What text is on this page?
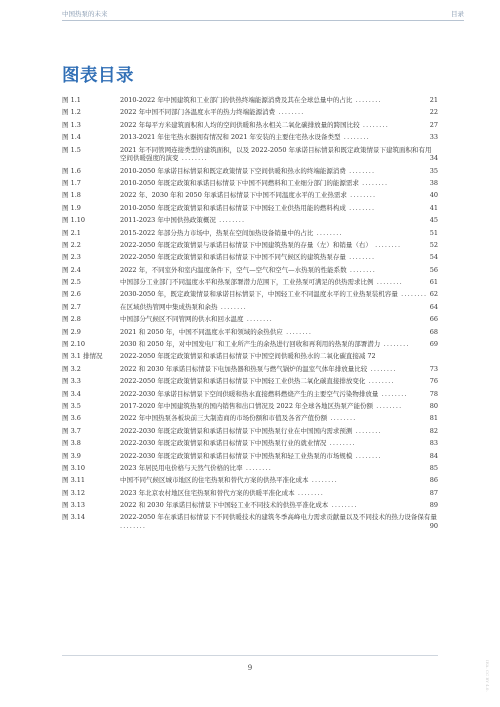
中国热泵的未来	目录
图表目录
图 1.1	2010-2022 年中国建筑和工业部门的供热终端能源消费及其在全球总量中的占比 ........	21
图 1.2	2022 年中国不同部门各温度水平的热力终端能源消费 ........	22
图 1.3	2022 年每平方米建筑面积和人均的空间供暖和热水相关二氧化碳排放量的跨国比较 ........	27
图 1.4	2013-2021 年住宅热水器拥有情况和 2021 年安装的主要住宅热水设备类型 ........	33
图 1.5	2021 年不同管网连接类型的建筑面积，以及 2022-2050 年承诺目标情景和既定政策情景下建筑面积和有用空间供暖强度的演变 ........	34
图 1.6	2010-2050 年承诺目标情景和既定政策情景下空间供暖和热水的终端能源消费 ........	35
图 1.7	2010-2050 年既定政策和承诺目标情景下中国不同燃料和工业细分部门的能源需求 ........	38
图 1.8	2022 年、2030 年和 2050 年承诺目标情景下中国不同温度水平的工业热需求 ........	40
图 1.9	2010-2050 年既定政策情景和承诺目标情景下中国轻工业供热用能的燃料构成 ........	41
图 1.10	2011-2023 年中国供热政策概况 ........	45
图 2.1	2015-2022 年部分热力市场中，热泵在空间加热设备销量中的占比 ........	51
图 2.2	2022-2050 年既定政策情景与承诺目标情景下中国建筑热泵的存量（左）和销量（右） ........	52
图 2.3	2022-2050 年既定政策情景和承诺目标情景下中国不同气候区的建筑热泵存量 ........	54
图 2.4	2022 年，不同室外和室内温度条件下，空气—空气和空气—水热泵的性能系数 ........	56
图 2.5	中国部分工业部门不同温度水平和热泵部署潜力范围下，工业热泵可满足的供热需求比例 ........	61
图 2.6	2030-2050 年，既定政策情景和承诺目标情景下，中国轻工业不同温度水平的工业热泵装机容量 ........ 62
图 2.7	在区域供热管网中集成热泵和余热 ........	64
图 2.8	中国部分气候区不同管网的供水和回水温度 ........	66
图 2.9	2021 和 2050 年，中国不同温度水平和领域的余热供应 ........	68
图 2.10	2030 和 2050 年，对中国发电厂和工业所产生的余热进行回收和再利用的热泵的部署潜力 ........	69
图 3.1 排情况	2022-2050 年既定政策情景和承诺目标情景下中国空间供暖和热水的二氧化碳直接减 72
图 3.2	2022 和 2030 年承诺目标情景下电加热器和热泵与燃气锅炉的温室气体年排放量比较 ........	73
图 3.3	2022-2050 年既定政策情景和承诺目标情景下中国轻工业供热二氧化碳直接排放变化 ........	76
图 3.4	2022-2030 年承诺目标情景下空间供暖和热水直接燃料燃烧产生的主要空气污染物排放量 ........	78
图 3.5	2017-2020 年中国建筑热泵的国内销售和出口情况及 2022 年全球各地区热泵产能份额 ........	80
图 3.6	2022 年中国热泵各板块前三大制造商的市场份额和市值及各省产值份额 ........	81
图 3.7	2022-2030 年既定政策情景和承诺目标情景下中国热泵行业在中国国内需求预测 ........	82
图 3.8	2022-2030 年既定政策情景和承诺目标情景下中国热泵行业的就业情况 ........	83
图 3.9	2022-2030 年既定政策情景和承诺目标情景下中国热泵和轻工业热泵的市场规模 ........	84
图 3.10	2023 年居民用电价格与天然气价格的比率 ........	85
图 3.11	中国不同气候区城市地区的住宅热泵和替代方案的供热平准化成本 ........	86
图 3.12	2023 年北京农村地区住宅热泵和替代方案的供暖平准化成本 ........	87
图 3.13	2022 和 2030 年承诺目标情景下中国轻工业不同技术的供热平准化成本 ........	89
图 3.14	2022-2050 年在承诺目标情景下不同供暖技术的建筑冬季高峰电力需求贡献量以及不同技术的热力设备保有量 ........	90
9	IEA. CC BY 4.0.
